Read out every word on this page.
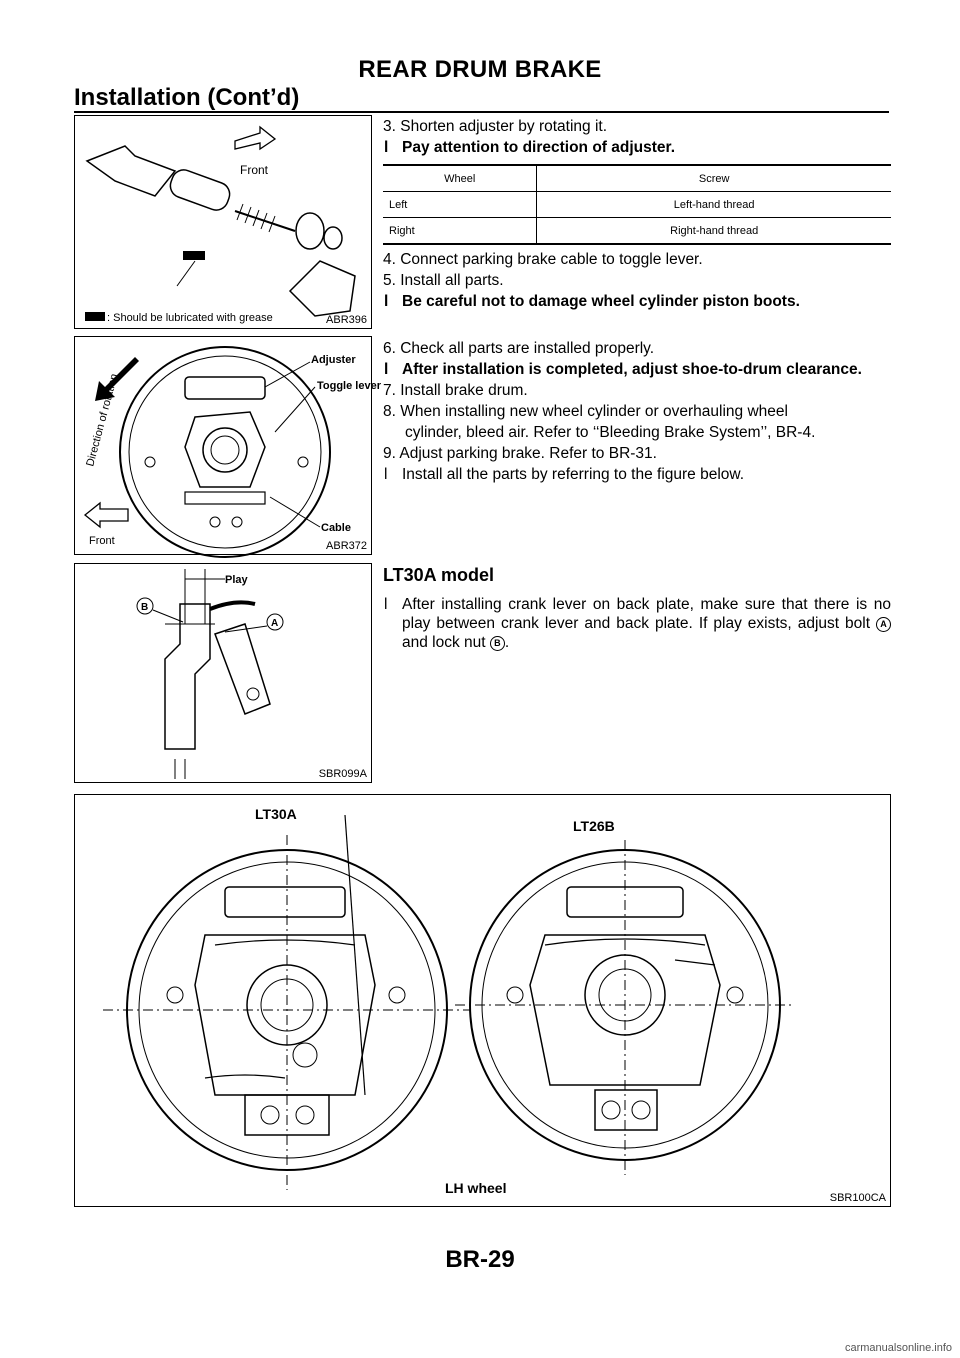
REAR DRUM BRAKE
Installation (Cont’d)
Front
: Should be lubricated with grease	ABR396
Adjuster
Toggle lever
Cable
Direction of rotation
Front	ABR372
Play
B
A
SBR099A
3. Shorten adjuster by rotating it.
l Pay attention to direction of adjuster.
Wheel	Screw
Left	Left-hand thread
Right	Right-hand thread
4. Connect parking brake cable to toggle lever.
5. Install all parts.
l Be careful not to damage wheel cylinder piston boots.
6. Check all parts are installed properly.
l After installation is completed, adjust shoe-to-drum clearance.
7. Install brake drum.
8. When installing new wheel cylinder or overhauling wheel
cylinder, bleed air. Refer to ‘‘Bleeding Brake System’’, BR-4.
9. Adjust parking brake. Refer to BR-31.
l Install all the parts by referring to the figure below.
LT30A model
l After installing crank lever on back plate, make sure that there is no play between crank lever and back plate. If play exists, adjust bolt A and lock nut B .
LT30A
LT26B
LH wheel
SBR100CA
BR-29
carmanualsonline.info
